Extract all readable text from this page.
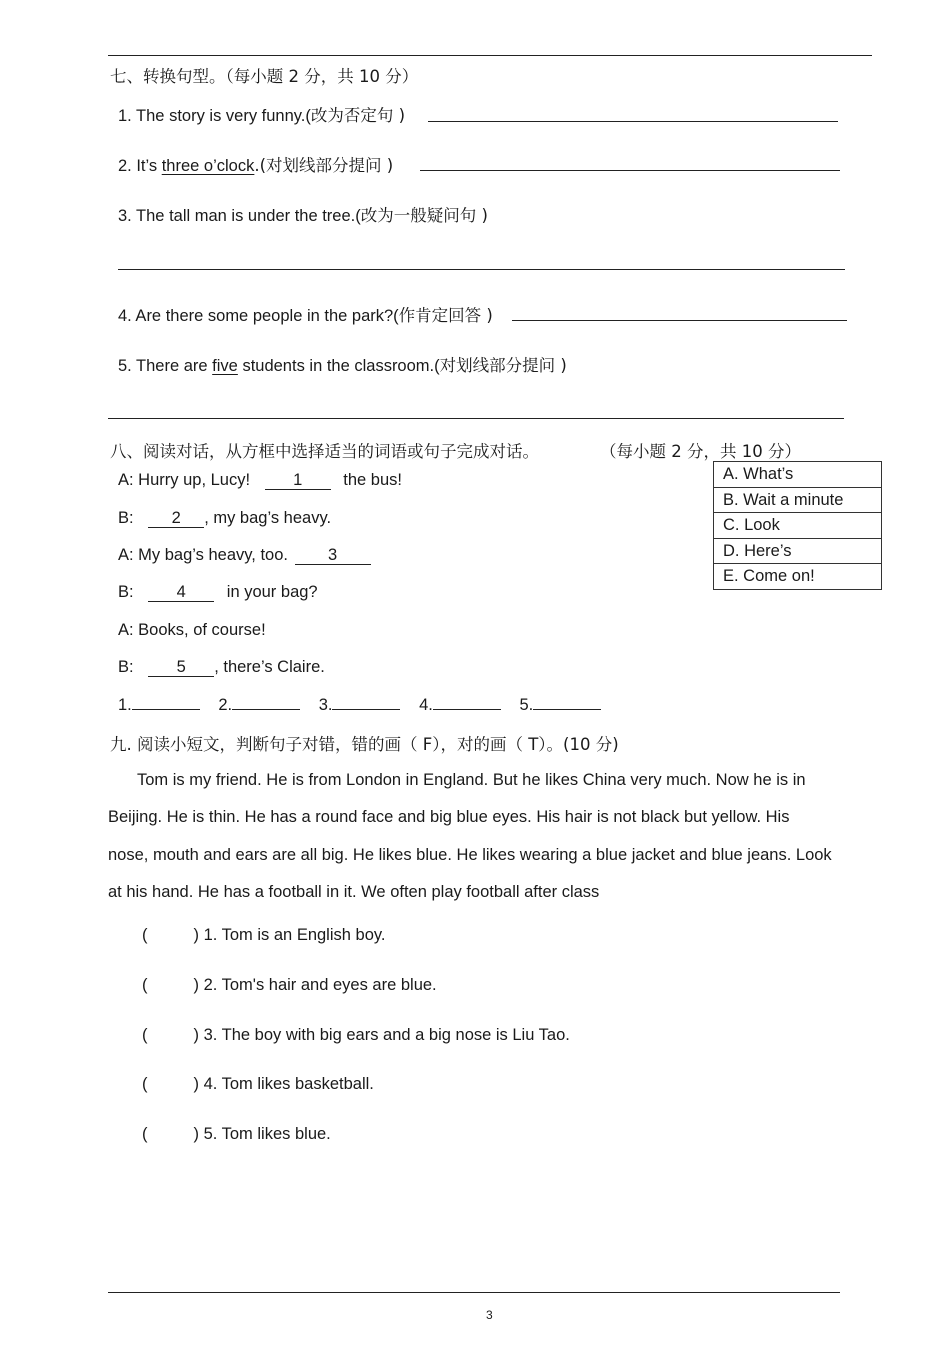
七、转换句型。（每小题 2 分，共 10 分）
1. The story is very funny.(改为否定句 )
2. It’s three o’clock.(对划线部分提问 )
3. The tall man is under the tree.(改为一般疑问句 )
4. Are there some people in the park?(作肯定回答 )
5. There are five students in the classroom.(对划线部分提问 )
八、阅读对话，从方框中选择适当的词语或句子完成对话。	（每小题 2 分，共 10 分）
A: Hurry up, Lucy!	1 the bus!
B: 2 , my bag’s heavy.
A: My bag’s heavy, too. 3
B:	4 in your bag?
A: Books, of course!
B:	5 , there’s Claire.
A. What’s
B. Wait a minute
C. Look
D. Here’s
E. Come on!
1.	2.	3.	4.	5.
九. 阅读小短文，判断句子对错，错的画（ F），对的画（ T）。(10 分)
Tom is my friend. He is from London in England. But he likes China very much. Now he is in
Beijing. He is thin. He has a round face and big blue eyes. His hair is not black but yellow. His
nose, mouth and ears are all big. He likes blue. He likes wearing a blue jacket and blue jeans. Look
at his hand. He has a football in it. We often play football after class
(	) 1. Tom is an English boy.
(	) 2. Tom's hair and eyes are blue.
(	) 3. The boy with big ears and a big nose is Liu Tao.
(	) 4. Tom likes basketball.
(	) 5. Tom likes blue.
3
